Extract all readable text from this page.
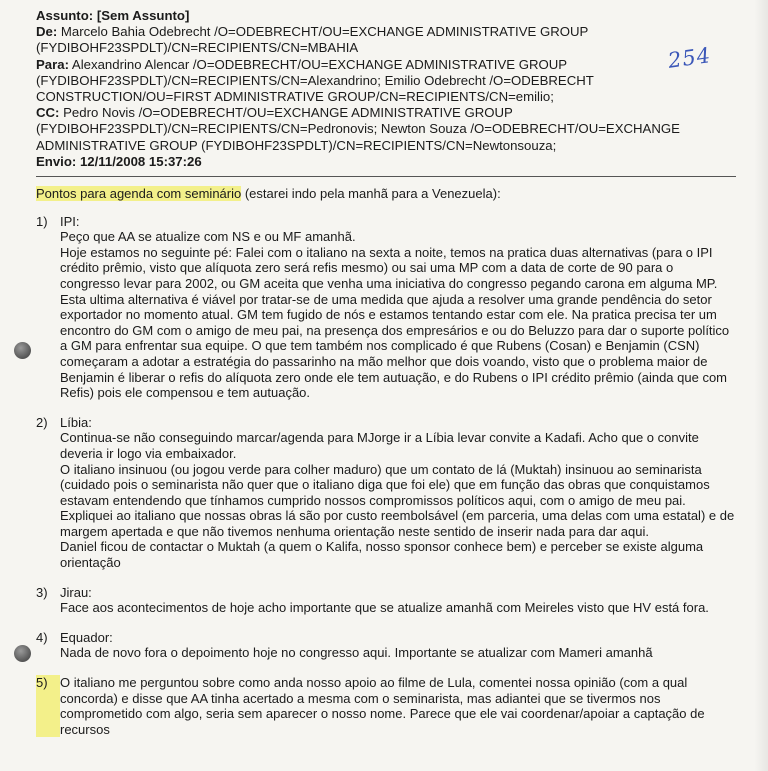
Assunto: [Sem Assunto]
De: Marcelo Bahia Odebrecht /O=ODEBRECHT/OU=EXCHANGE ADMINISTRATIVE GROUP
(FYDIBOHF23SPDLT)/CN=RECIPIENTS/CN=MBAHIA
Para: Alexandrino Alencar /O=ODEBRECHT/OU=EXCHANGE ADMINISTRATIVE GROUP
(FYDIBOHF23SPDLT)/CN=RECIPIENTS/CN=Alexandrino; Emilio Odebrecht /O=ODEBRECHT
CONSTRUCTION/OU=FIRST ADMINISTRATIVE GROUP/CN=RECIPIENTS/CN=emilio;
CC: Pedro Novis /O=ODEBRECHT/OU=EXCHANGE ADMINISTRATIVE GROUP
(FYDIBOHF23SPDLT)/CN=RECIPIENTS/CN=Pedronovis; Newton Souza /O=ODEBRECHT/OU=EXCHANGE
ADMINISTRATIVE GROUP (FYDIBOHF23SPDLT)/CN=RECIPIENTS/CN=Newtonsouza;
Envio: 12/11/2008 15:37:26
254
Pontos para agenda com seminário (estarei indo pela manhã para a Venezuela):
1) IPI:

Peço que AA se atualize com NS e ou MF amanhã.

Hoje estamos no seguinte pé: Falei com o italiano na sexta a noite, temos na pratica duas alternativas (para o IPI crédito prêmio, visto que alíquota zero será refis mesmo) ou sai uma MP com a data de corte de 90 para o congresso levar para 2002, ou GM aceita que venha uma iniciativa do congresso pegando carona em alguma MP. Esta ultima alternativa é viável por tratar-se de uma medida que ajuda a resolver uma grande pendência do setor exportador no momento atual. GM tem fugido de nós e estamos tentando estar com ele. Na pratica precisa ter um encontro do GM com o amigo de meu pai, na presença dos empresários e ou do Beluzzo para dar o suporte político a GM para enfrentar sua equipe. O que tem também nos complicado é que Rubens (Cosan) e Benjamin (CSN) começaram a adotar a estratégia do passarinho na mão melhor que dois voando, visto que o problema maior de Benjamin é liberar o refis do alíquota zero onde ele tem autuação, e do Rubens o IPI crédito prêmio (ainda que com Refis) pois ele compensou e tem autuação.

2) Líbia:

Continua-se não conseguindo marcar/agenda para MJorge ir a Líbia levar convite a Kadafi. Acho que o convite deveria ir logo via embaixador.

O italiano insinuou (ou jogou verde para colher maduro) que um contato de lá (Muktah) insinuou ao seminarista (cuidado pois o seminarista não quer que o italiano diga que foi ele) que em função das obras que conquistamos estavam entendendo que tínhamos cumprido nossos compromissos políticos aqui, com o amigo de meu pai. Expliquei ao italiano que nossas obras lá são por custo reembolsável (em parceria, uma delas com uma estatal) e de margem apertada e que não tivemos nenhuma orientação neste sentido de inserir nada para dar aqui.

Daniel ficou de contactar o Muktah (a quem o Kalifa, nosso sponsor conhece bem) e perceber se existe alguma orientação

3) Jirau:

Face aos acontecimentos de hoje acho importante que se atualize amanhã com Meireles visto que HV está fora.

4) Equador:

Nada de novo fora o depoimento hoje no congresso aqui. Importante se atualizar com Mameri amanhã

5) O italiano me perguntou sobre como anda nosso apoio ao filme de Lula, comentei nossa opinião (com a qual concorda) e disse que AA tinha acertado a mesma com o seminarista, mas adiantei que se tivermos nos comprometido com algo, seria sem aparecer o nosso nome. Parece que ele vai coordenar/apoiar a captação de recursos
